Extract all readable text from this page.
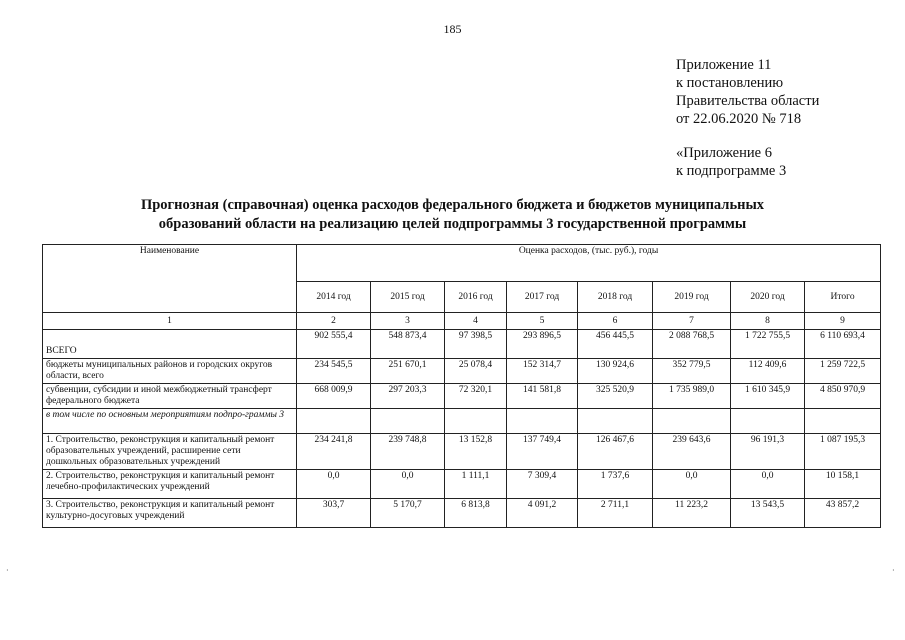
185
Приложение 11
к постановлению
Правительства области
от 22.06.2020 № 718
«Приложение 6
к подпрограмме 3
Прогнозная (справочная) оценка расходов федерального бюджета и бюджетов муниципальных
образований области на реализацию целей подпрограммы 3 государственной программы
Наименование	Оценка расходов, (тыс. руб.), годы							
	2014 год	2015 год	2016 год	2017 год	2018 год	2019 год	2020 год	Итого
1	2	3	4	5	6	7	8	9
ВСЕГО	902 555,4	548 873,4	97 398,5	293 896,5	456 445,5	2 088 768,5	1 722 755,5	6 110 693,4
бюджеты муниципальных районов и городских округов области, всего	234 545,5	251 670,1	25 078,4	152 314,7	130 924,6	352 779,5	112 409,6	1 259 722,5
субвенции, субсидии и иной межбюджетный трансферт федерального бюджета	668 009,9	297 203,3	72 320,1	141 581,8	325 520,9	1 735 989,0	1 610 345,9	4 850 970,9
в том числе по основным мероприятиям подпро-граммы 3								
1. Строительство, реконструкция и капитальный ремонт образовательных учреждений, расширение сети дошкольных образовательных учреждений	234 241,8	239 748,8	13 152,8	137 749,4	126 467,6	239 643,6	96 191,3	1 087 195,3
2. Строительство, реконструкция и капитальный ремонт лечебно-профилактических учреждений	0,0	0,0	1 111,1	7 309,4	1 737,6	0,0	0,0	10 158,1
3. Строительство, реконструкция и капитальный ремонт культурно-досуговых учреждений	303,7	5 170,7	6 813,8	4 091,2	2 711,1	11 223,2	13 543,5	43 857,2
·	·
